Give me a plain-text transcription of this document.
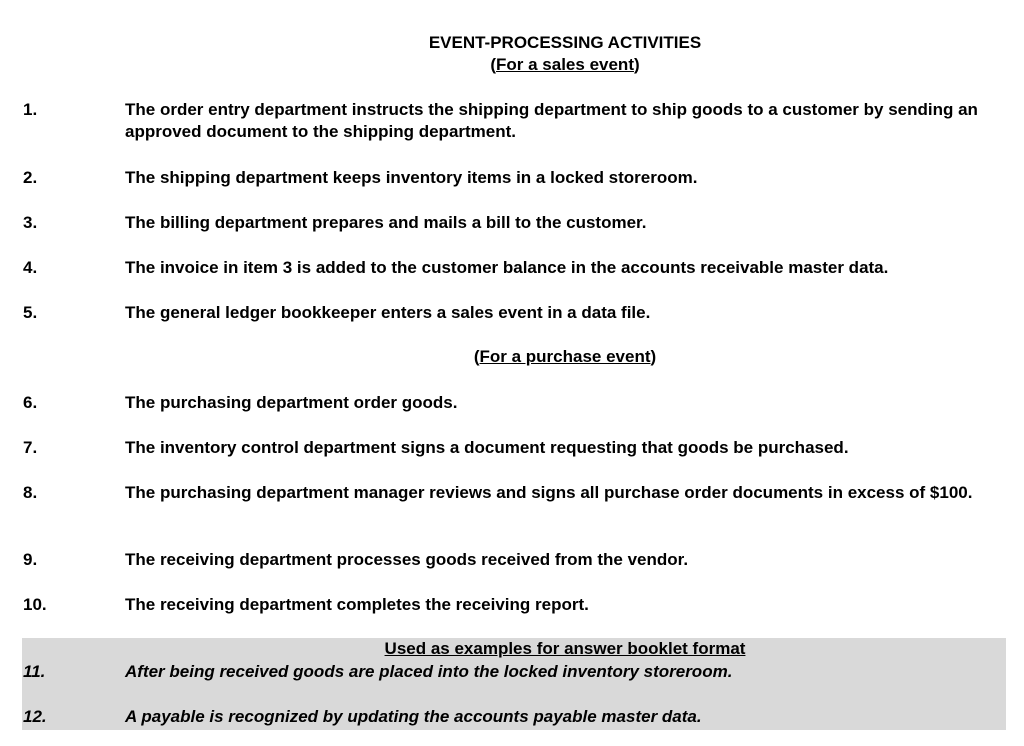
EVENT-PROCESSING ACTIVITIES
(For a sales event)
1.	The order entry department instructs the shipping department to ship goods to a customer by sending an approved document to the shipping department.
2.	The shipping department keeps inventory items in a locked storeroom.
3.	The billing department prepares and mails a bill to the customer.
4.	The invoice in item 3 is added to the customer balance in the accounts receivable master data.
5.	The general ledger bookkeeper enters a sales event in a data file.
(For a purchase event)
6.	The purchasing department order goods.
7.	The inventory control department signs a document requesting that goods be purchased.
8.	The purchasing department manager reviews and signs all purchase order documents in excess of $100.
9.	The receiving department processes goods received from the vendor.
10.	The receiving department completes the receiving report.
Used as examples for answer booklet format
11.	After being received goods are placed into the locked inventory storeroom.
12.	A payable is recognized by updating the accounts payable master data.
